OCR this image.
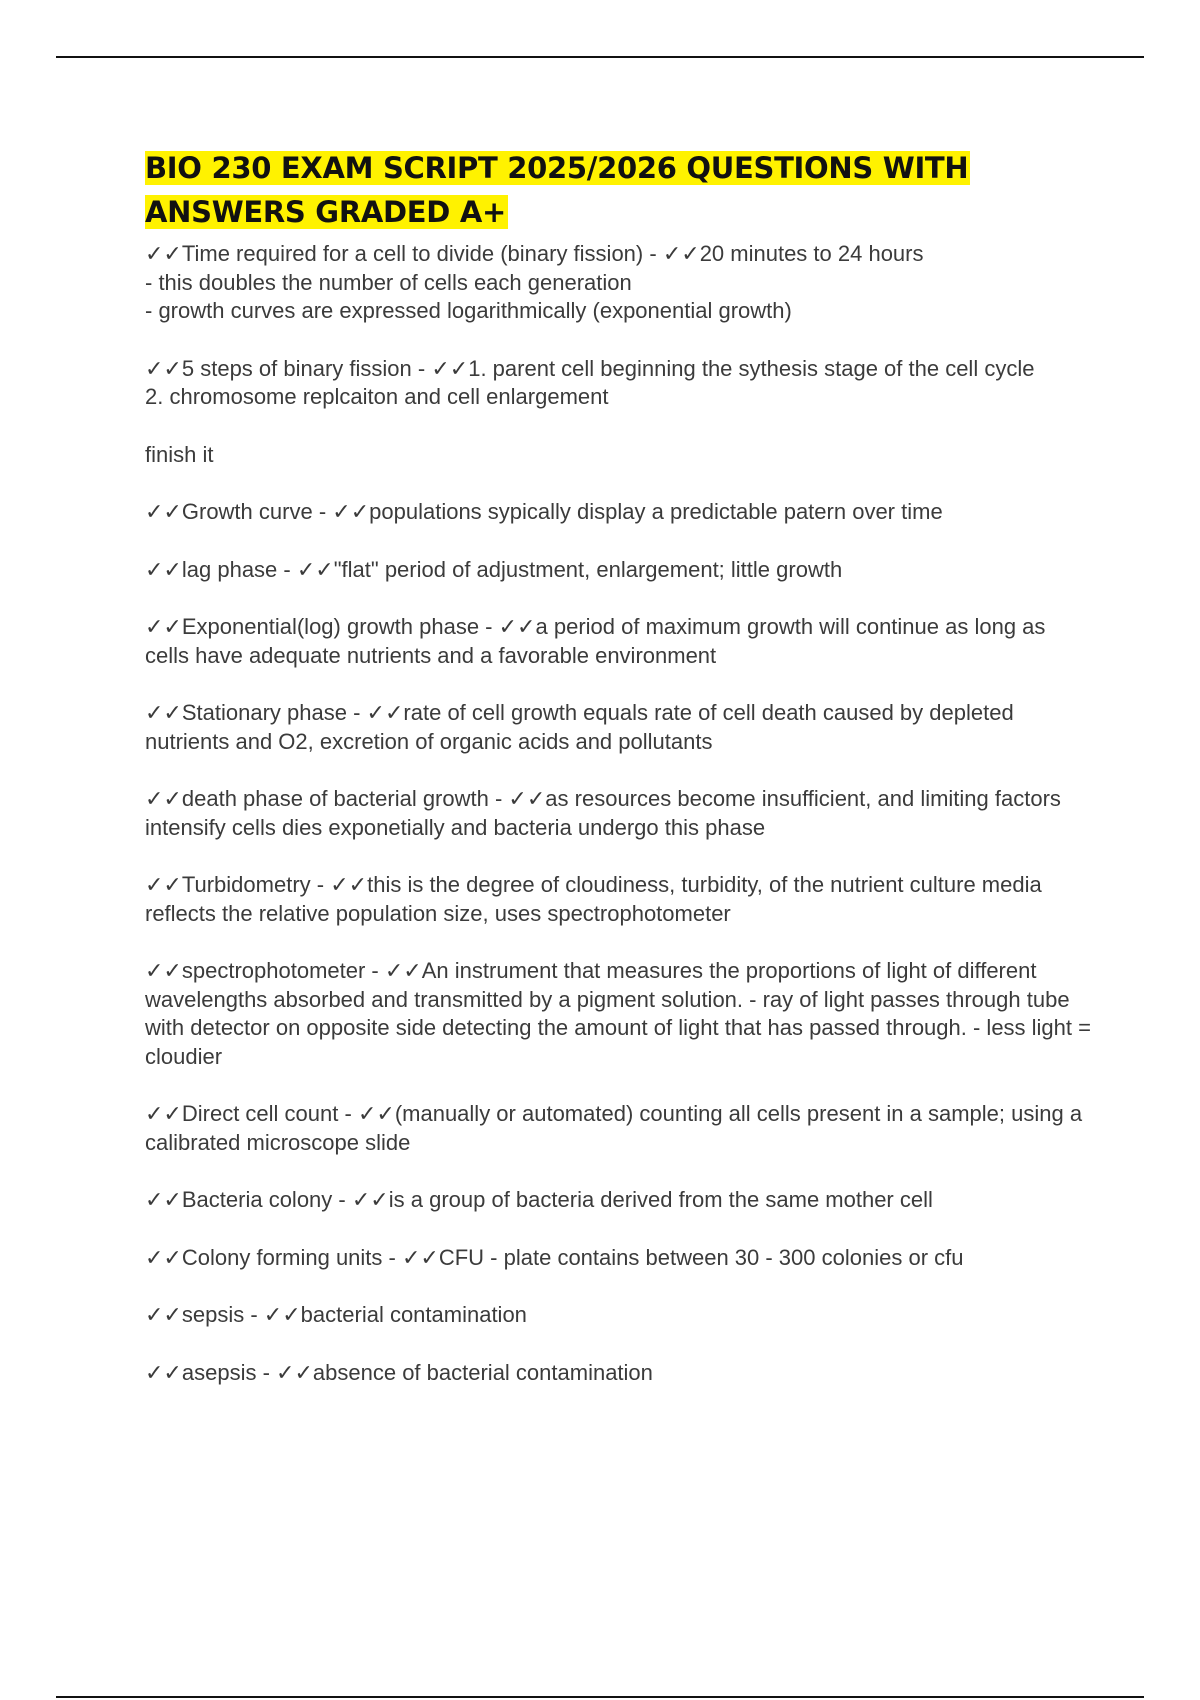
BIO 230 EXAM SCRIPT 2025/2026 QUESTIONS WITH ANSWERS GRADED A+
✓✓Time required for a cell to divide (binary fission) - ✓✓20 minutes to 24 hours
- this doubles the number of cells each generation
- growth curves are expressed logarithmically (exponential growth)
✓✓5 steps of binary fission - ✓✓1. parent cell beginning the sythesis stage of the cell cycle
2. chromosome replcaiton and cell enlargement
finish it
✓✓Growth curve - ✓✓populations sypically display a predictable patern over time
✓✓lag phase - ✓✓"flat" period of adjustment, enlargement; little growth
✓✓Exponential(log) growth phase - ✓✓a period of maximum growth will continue as long as cells have adequate nutrients and a favorable environment
✓✓Stationary phase - ✓✓rate of cell growth equals rate of cell death caused by depleted nutrients and O2, excretion of organic acids and pollutants
✓✓death phase of bacterial growth - ✓✓as resources become insufficient, and limiting factors intensify cells dies exponetially and bacteria undergo this phase
✓✓Turbidometry - ✓✓this is the degree of cloudiness, turbidity, of the nutrient culture media reflects the relative population size, uses spectrophotometer
✓✓spectrophotometer - ✓✓An instrument that measures the proportions of light of different wavelengths absorbed and transmitted by a pigment solution. - ray of light passes through tube with detector on opposite side detecting the amount of light that has passed through. - less light = cloudier
✓✓Direct cell count - ✓✓(manually or automated) counting all cells present in a sample; using a calibrated microscope slide
✓✓Bacteria colony - ✓✓is a group of bacteria derived from the same mother cell
✓✓Colony forming units - ✓✓CFU - plate contains between 30 - 300 colonies or cfu
✓✓sepsis - ✓✓bacterial contamination
✓✓asepsis - ✓✓absence of bacterial contamination
